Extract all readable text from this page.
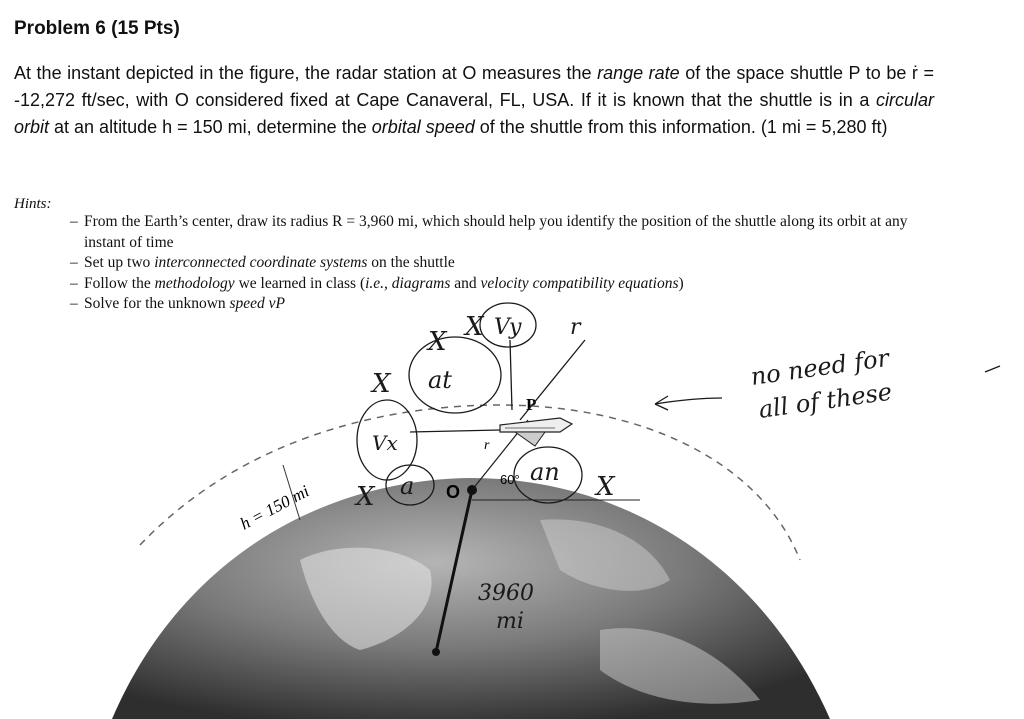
Problem 6 (15 Pts)

At the instant depicted in the figure, the radar station at O measures the range rate of the space shuttle P to be ṙ = -12,272 ft/sec, with O considered fixed at Cape Canaveral, FL, USA. If it is known that the shuttle is in a circular orbit at an altitude h = 150 mi, determine the orbital speed of the shuttle from this information. (1 mi = 5,280 ft)

Hints:
– From the Earth’s center, draw its radius R = 3,960 mi, which should help you identify the position of the shuttle along its orbit at any instant of time
– Set up two interconnected coordinate systems on the shuttle
– Follow the methodology we learned in class (i.e., diagrams and velocity compatibility equations)
– Solve for the unknown speed vP
P
O
r
60°
h = 150 mi
Vy
at
Vx
a	an
r
3960
mi
no need for
all of these
X
X
X
X	X
